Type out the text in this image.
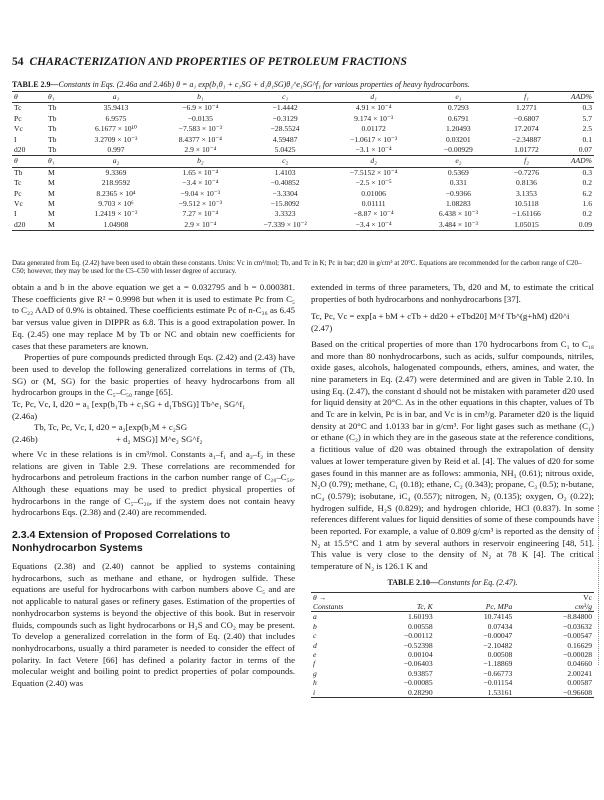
54 CHARACTERIZATION AND PROPERTIES OF PETROLEUM FRACTIONS
TABLE 2.9—Constants in Eqs. (2.46a and 2.46b) θ = a₁ exp(b₁θ₁ + c₁SG + d₁θ₁SG)θ₁^e₁SG^f₁ for various properties of heavy hydrocarbons.
θ	θ₁	a₁	b₁	c₁	d₁	e₁	f₁	AAD%
Tc	Tb	35.9413	−6.9 × 10⁻⁴	−1.4442	4.91 × 10⁻⁴	0.7293	1.2771	0.3
Pc	Tb	6.9575	−0.0135	−0.3129	9.174 × 10⁻³	0.6791	−0.6807	5.7
Vc	Tb	6.1677 × 10¹⁰	−7.583 × 10⁻³	−28.5524	0.01172	1.20493	17.2074	2.5
I	Tb	3.2709 × 10⁻³	8.4377 × 10⁻⁴	4.59487	−1.0617 × 10⁻³	0.03201	−2.34887	0.1
d20	Tb	0.997	2.9 × 10⁻⁴	5.0425	−3.1 × 10⁻⁴	−0.00929	1.01772	0.07
θ	θ₁	a₂	b₂	c₂	d₂	e₂	f₂	AAD%
Tb	M	9.3369	1.65 × 10⁻⁴	1.4103	−7.5152 × 10⁻⁴	0.5369	−0.7276	0.3
Tc	M	218.9592	−3.4 × 10⁻⁴	−0.40852	−2.5 × 10⁻⁵	0.331	0.8136	0.2
Pc	M	8.2365 × 10⁴	−9.04 × 10⁻³	−3.3304	0.01006	−0.9366	3.1353	6.2
Vc	M	9.703 × 10⁶	−9.512 × 10⁻³	−15.8092	0.01111	1.08283	10.5118	1.6
I	M	1.2419 × 10⁻²	7.27 × 10⁻⁴	3.3323	−8.87 × 10⁻⁴	6.438 × 10⁻³	−1.61166	0.2
d20	M	1.04908	2.9 × 10⁻⁴	−7.339 × 10⁻²	−3.4 × 10⁻⁴	3.484 × 10⁻³	1.05015	0.09
Data generated from Eq. (2.42) have been used to obtain these constants. Units: Vc in cm³/mol; Tb, and Tc in K; Pc in bar; d20 in g/cm³ at 20°C. Equations are recommended for the carbon range of C20–C50; however, they may be used for the C5–C50 with lesser degree of accuracy.

obtain a and b in the above equation we get a = 0.032795 and b = 0.000381. These coefficients give R² = 0.9998 but when it is used to estimate Pc from C₅ to C₂₂ AAD of 0.9% is obtained. These coefficients estimate Pc of n-C₃₆ as 6.45 bar versus value given in DIPPR as 6.8. This is a good extrapolation power. In Eq. (2.45) one may replace M by Tb or NC and obtain new coefficients for cases that these parameters are known.

Properties of pure compounds predicted through Eqs. (2.42) and (2.43) have been used to develop the following generalized correlations in terms of (Tb, SG) or (M, SG) for the basic properties of heavy hydrocarbons from all hydrocarbon groups in the C₅–C₅₀ range [65].

Tc, Pc, Vc, I, d20 = a₁ [exp(b₁Tb + c₁SG + d₁TbSG)] Tb^e₁ SG^f₁

(2.46a)

Tb, Tc, Pc, Vc, I, d20 = a₂[exp(b₂M + c₂SG

(2.46b)	+ d₂ MSG)] M^e₂ SG^f₂

where Vc in these relations is in cm³/mol. Constants a₁–f₁ and a₂–f₂ in these relations are given in Table 2.9. These correlations are recommended for hydrocarbons and petroleum fractions in the carbon number range of C₂₀–C₅₀. Although these equations may be used to predict physical properties of hydrocarbons in the range of C₅–C₂₀, if the system does not contain heavy hydrocarbons Eqs. (2.38) and (2.40) are recommended.

2.3.4 Extension of Proposed Correlations to Nonhydrocarbon Systems

Equations (2.38) and (2.40) cannot be applied to systems containing hydrocarbons, such as methane and ethane, or hydrogen sulfide. These equations are useful for hydrocarbons with carbon numbers above C₅ and are not applicable to natural gases or refinery gases. Estimation of the properties of nonhydrocarbon systems is beyond the objective of this book. But in reservoir fluids, compounds such as light hydrocarbons or H₂S and CO₂ may be present. To develop a generalized correlation in the form of Eq. (2.40) that includes nonhydrocarbons, usually a third parameter is needed to consider the effect of polarity. In fact Vetere [66] has defined a polarity factor in terms of the molecular weight and boiling point to predict properties of polar compounds. Equation (2.40) was

extended in terms of three parameters, Tb, d20 and M, to estimate the critical properties of both hydrocarbons and nonhydrocarbons [37].

Tc, Pc, Vc = exp[a + bM + cTb + dd20 + eTbd20] M^f Tb^(g+hM) d20^i

(2.47)

Based on the critical properties of more than 170 hydrocarbons from C₁ to C₁₈ and more than 80 nonhydrocarbons, such as acids, sulfur compounds, nitriles, oxide gases, alcohols, halogenated compounds, ethers, amines, and water, the nine parameters in Eq. (2.47) were determined and are given in Table 2.10. In using Eq. (2.47), the constant d should not be mistaken with parameter d20 used for liquid density at 20°C. As in the other equations in this chapter, values of Tb and Tc are in kelvin, Pc is in bar, and Vc is in cm³/g. Parameter d20 is the liquid density at 20°C and 1.0133 bar in g/cm³. For light gases such as methane (C₁) or ethane (C₂) in which they are in the gaseous state at the reference conditions, a fictitious value of d20 was obtained through the extrapolation of density values at lower temperature given by Reid et al. [4]. The values of d20 for some gases found in this manner are as follows: ammonia, NH₃ (0.61); nitrous oxide, N₂O (0.79); methane, C₁ (0.18); ethane, C₂ (0.343); propane, C₃ (0.5); n-butane, nC₄ (0.579); isobutane, iC₄ (0.557); nitrogen, N₂ (0.135); oxygen, O₂ (0.22); hydrogen sulfide, H₂S (0.829); and hydrogen chloride, HCl (0.837). In some references different values for liquid densities of some of these compounds have been reported. For example, a value of 0.809 g/cm³ is reported as the density of N₂ at 15.5°C and 1 atm by several authors in reservoir engineering [48, 51]. This value is very close to the density of N₂ at 78 K [4]. The critical temperature of N₂ is 126.1 K and

TABLE 2.10—Constants for Eq. (2.47).
θ →			Vc
Constants	Tc, K	Pc, MPa	cm³/g
a	1.60193	10.74145	−8.84800
b	0.00558	0.07434	−0.03632
c	−0.00112	−0.00047	−0.00547
d	−0.52398	−2.10482	0.16629
e	0.00104	0.00508	−0.00028
f	−0.06403	−1.18869	0.04660
g	0.93857	−0.66773	2.00241
h	−0.00085	−0.01154	0.00587
i	0.28290	1.53161	−0.96608
